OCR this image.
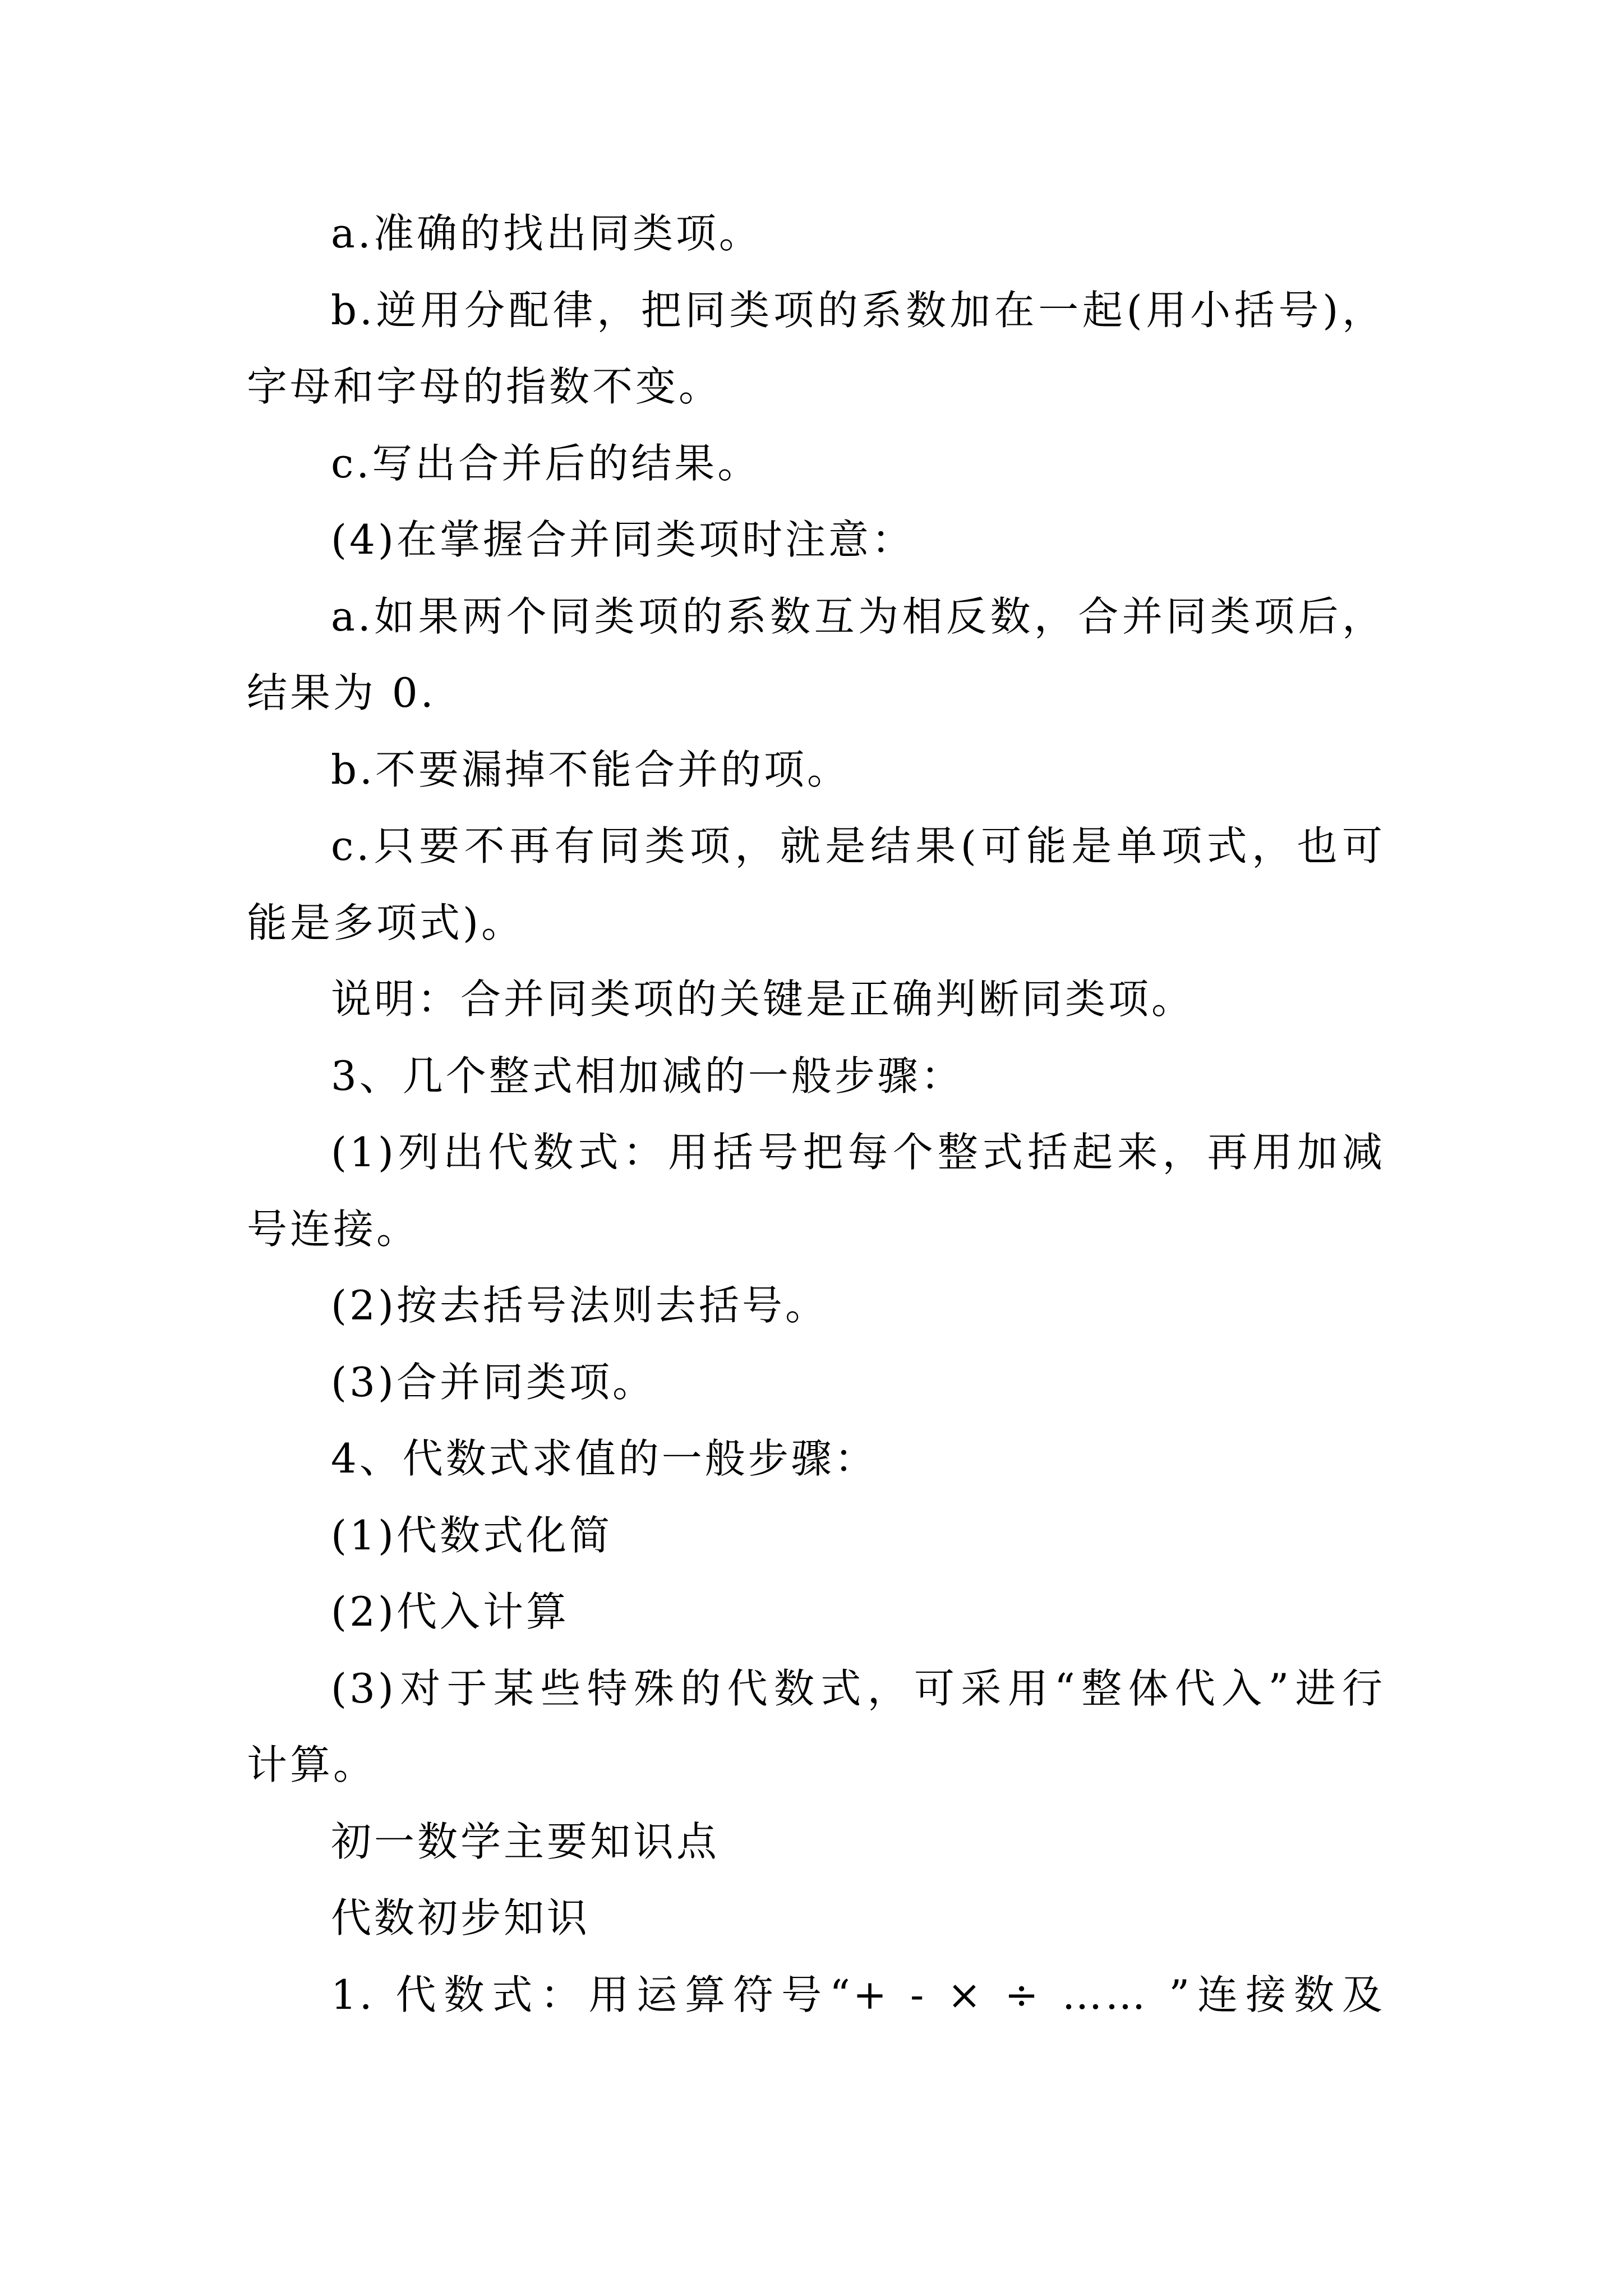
a.准确的找出同类项。
b.逆用分配律，把同类项的系数加在一起(用小括号)，
字母和字母的指数不变。
c.写出合并后的结果。
(4)在掌握合并同类项时注意：
a.如果两个同类项的系数互为相反数，合并同类项后，
结果为 0.
b.不要漏掉不能合并的项。
c.只要不再有同类项，就是结果(可能是单项式，也可
能是多项式)。
说明：合并同类项的关键是正确判断同类项。
3、几个整式相加减的一般步骤：
(1)列出代数式：用括号把每个整式括起来，再用加减
号连接。
(2)按去括号法则去括号。
(3)合并同类项。
4、代数式求值的一般步骤：
(1)代数式化简
(2)代入计算
(3)对于某些特殊的代数式，可采用“整体代入”进行
计算。
初一数学主要知识点
代数初步知识
1. 代数式：用运算符号“+ - × ÷ …… ”连接数及
